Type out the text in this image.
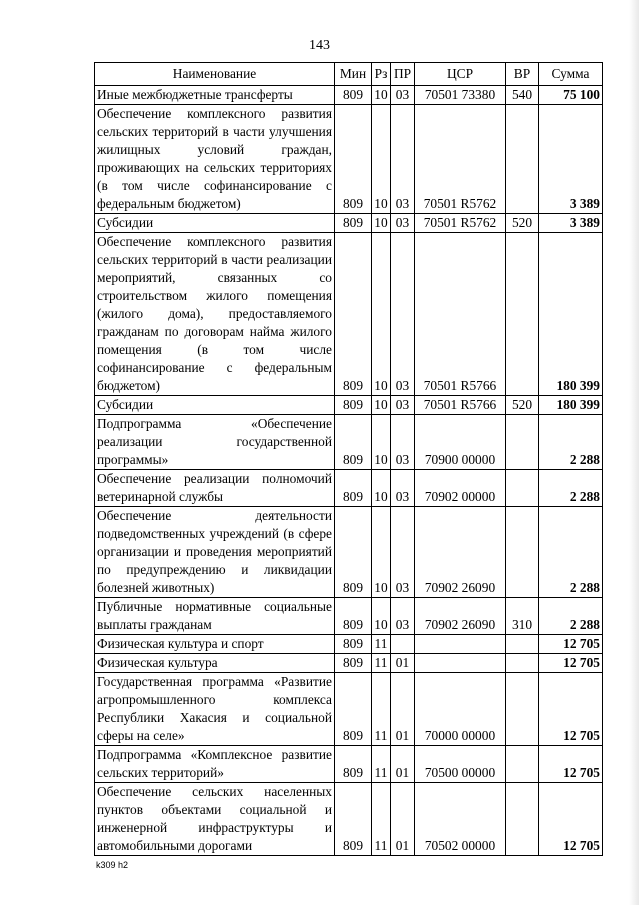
143
Наименование	Мин	Рз	ПР	ЦСР	ВР	Сумма
Иные межбюджетные трансферты	809	10	03	70501 73380	540	75 100
Обеспечение комплексного развития сельских территорий в части улучшения жилищных условий граждан, проживающих на сельских территориях (в том числе софинансирование с федеральным бюджетом)	809	10	03	70501 R5762		3 389
Субсидии	809	10	03	70501 R5762	520	3 389
Обеспечение комплексного развития сельских территорий в части реализации мероприятий, связанных со строительством жилого помещения (жилого дома), предоставляемого гражданам по договорам найма жилого помещения (в том числе софинансирование с федеральным бюджетом)	809	10	03	70501 R5766		180 399
Субсидии	809	10	03	70501 R5766	520	180 399
Подпрограмма «Обеспечение реализации государственной программы»	809	10	03	70900 00000		2 288
Обеспечение реализации полномочий ветеринарной службы	809	10	03	70902 00000		2 288
Обеспечение деятельности подведомственных учреждений (в сфере организации и проведения мероприятий по предупреждению и ликвидации болезней животных)	809	10	03	70902 26090		2 288
Публичные нормативные социальные выплаты гражданам	809	10	03	70902 26090	310	2 288
Физическая культура и спорт	809	11				12 705
Физическая культура	809	11	01			12 705
Государственная программа «Развитие агропромышленного комплекса Республики Хакасия и социальной сферы на селе»	809	11	01	70000 00000		12 705
Подпрограмма «Комплексное развитие сельских территорий»	809	11	01	70500 00000		12 705
Обеспечение сельских населенных пунктов объектами социальной и инженерной инфраструктуры и автомобильными дорогами	809	11	01	70502 00000		12 705
k309 h2
